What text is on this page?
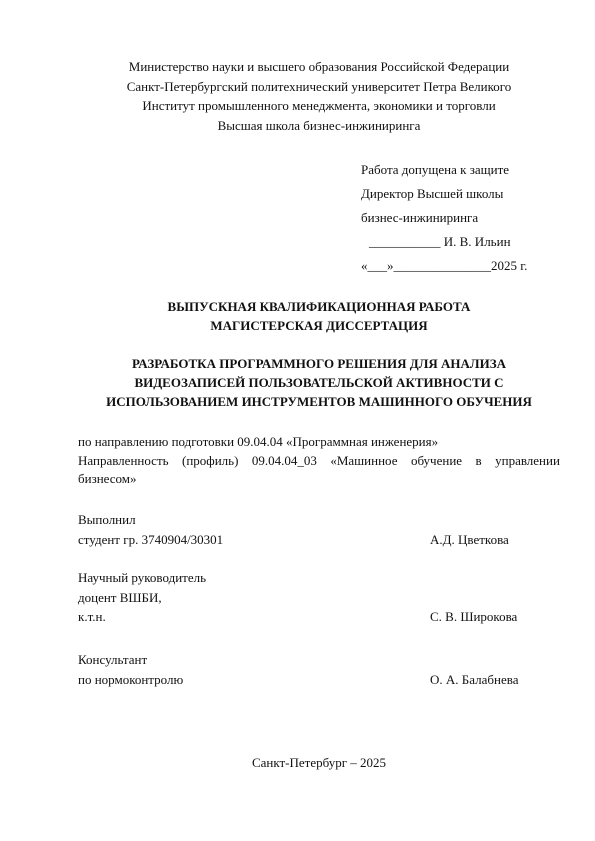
Министерство науки и высшего образования Российской Федерации
Санкт-Петербургский политехнический университет Петра Великого
Институт промышленного менеджмента, экономики и торговли
Высшая школа бизнес-инжиниринга
Работа допущена к защите
Директор Высшей школы
бизнес-инжиниринга
___________ И. В. Ильин
«___»_______________2025 г.
ВЫПУСКНАЯ КВАЛИФИКАЦИОННАЯ РАБОТА
МАГИСТЕРСКАЯ ДИССЕРТАЦИЯ
РАЗРАБОТКА ПРОГРАММНОГО РЕШЕНИЯ ДЛЯ АНАЛИЗА
ВИДЕОЗАПИСЕЙ ПОЛЬЗОВАТЕЛЬСКОЙ АКТИВНОСТИ С
ИСПОЛЬЗОВАНИЕМ ИНСТРУМЕНТОВ МАШИННОГО ОБУЧЕНИЯ
по направлению подготовки 09.04.04 «Программная инженерия»
Направленность (профиль) 09.04.04_03 «Машинное обучение в управлении
бизнесом»
Выполнил
студент гр. 3740904/30301	А.Д. Цветкова
Научный руководитель
доцент ВШБИ,
к.т.н.	С. В. Широкова
Консультант
по нормоконтролю	О. А. Балабнева
Санкт-Петербург – 2025
